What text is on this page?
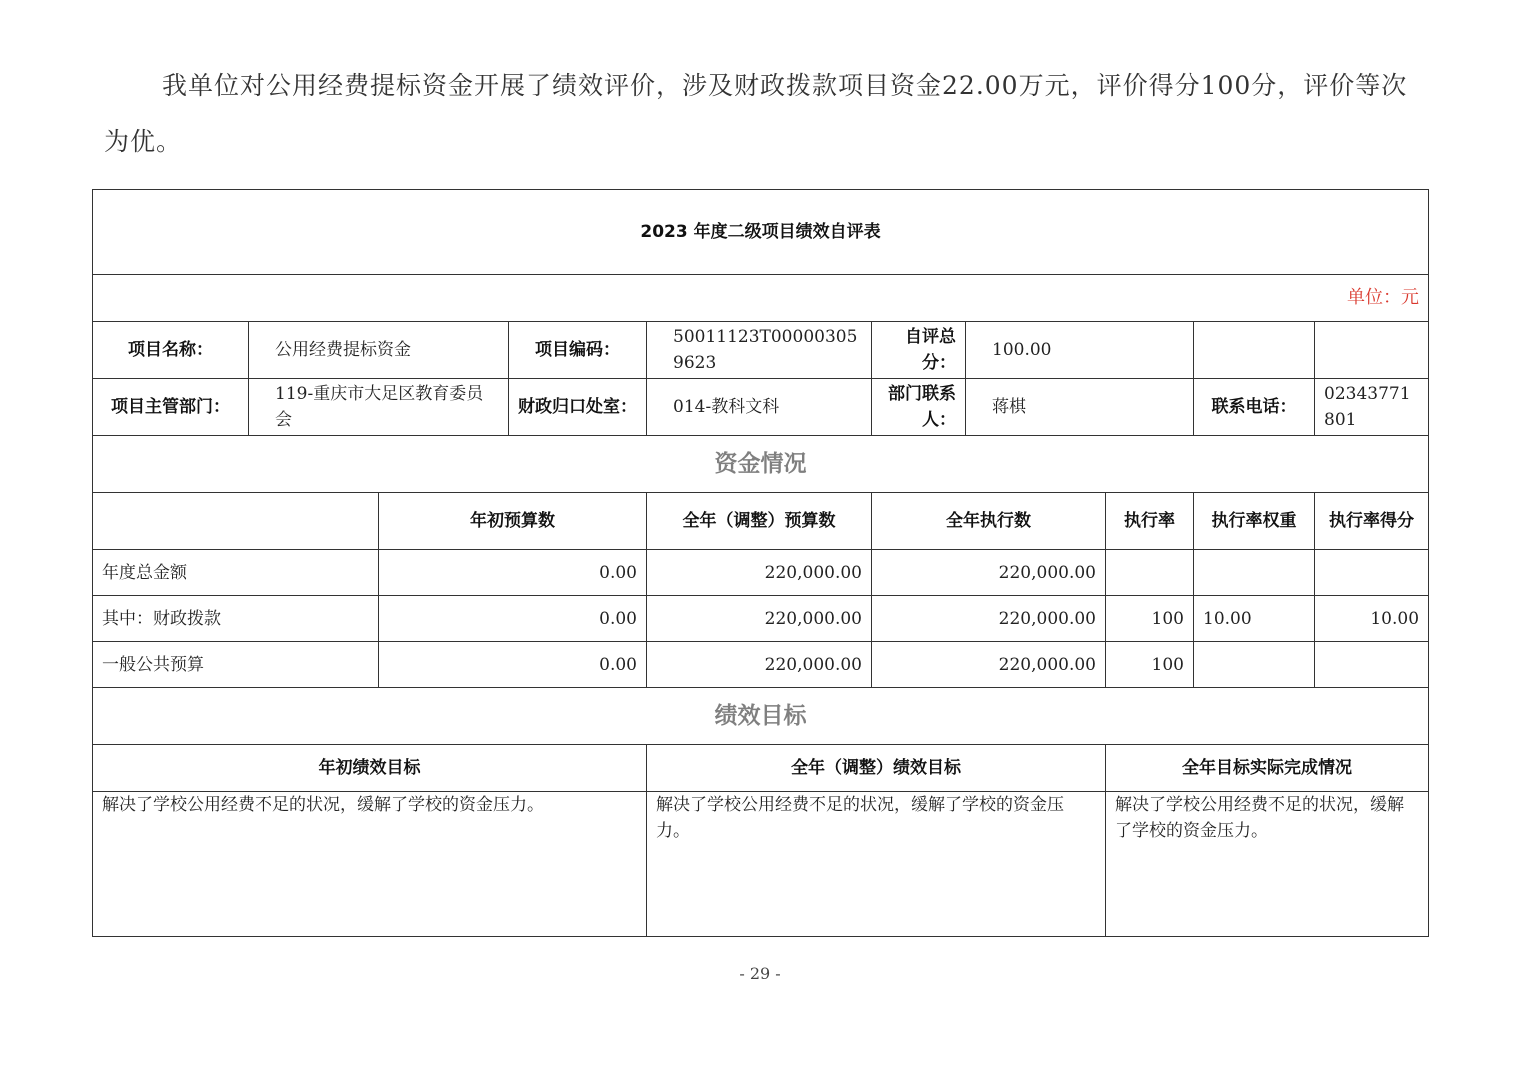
我单位对公用经费提标资金开展了绩效评价，涉及财政拨款项目资金22.00万元，评价得分100分，评价等次为优。

2023 年度二级项目绩效自评表									
单位：元									
项目名称：	公用经费提标资金		项目编码：	50011123T000003059623	自评总分：	100.00			
项目主管部门：	119-重庆市大足区教育委员会		财政归口处室：	014-教科文科	部门联系人：	蒋棋		联系电话：	02343771801
资金情况									
		年初预算数		全年（调整）预算数	全年执行数		执行率	执行率权重	执行率得分
年度总金额		0.00		220,000.00	220,000.00				
其中：财政拨款		0.00		220,000.00	220,000.00		100	10.00	10.00
一般公共预算		0.00		220,000.00	220,000.00		100		
绩效目标									
年初绩效目标				全年（调整）绩效目标			全年目标实际完成情况		
解决了学校公用经费不足的状况，缓解了学校的资金压力。				解决了学校公用经费不足的状况，缓解了学校的资金压力。			解决了学校公用经费不足的状况，缓解了学校的资金压力。		
- 29 -
